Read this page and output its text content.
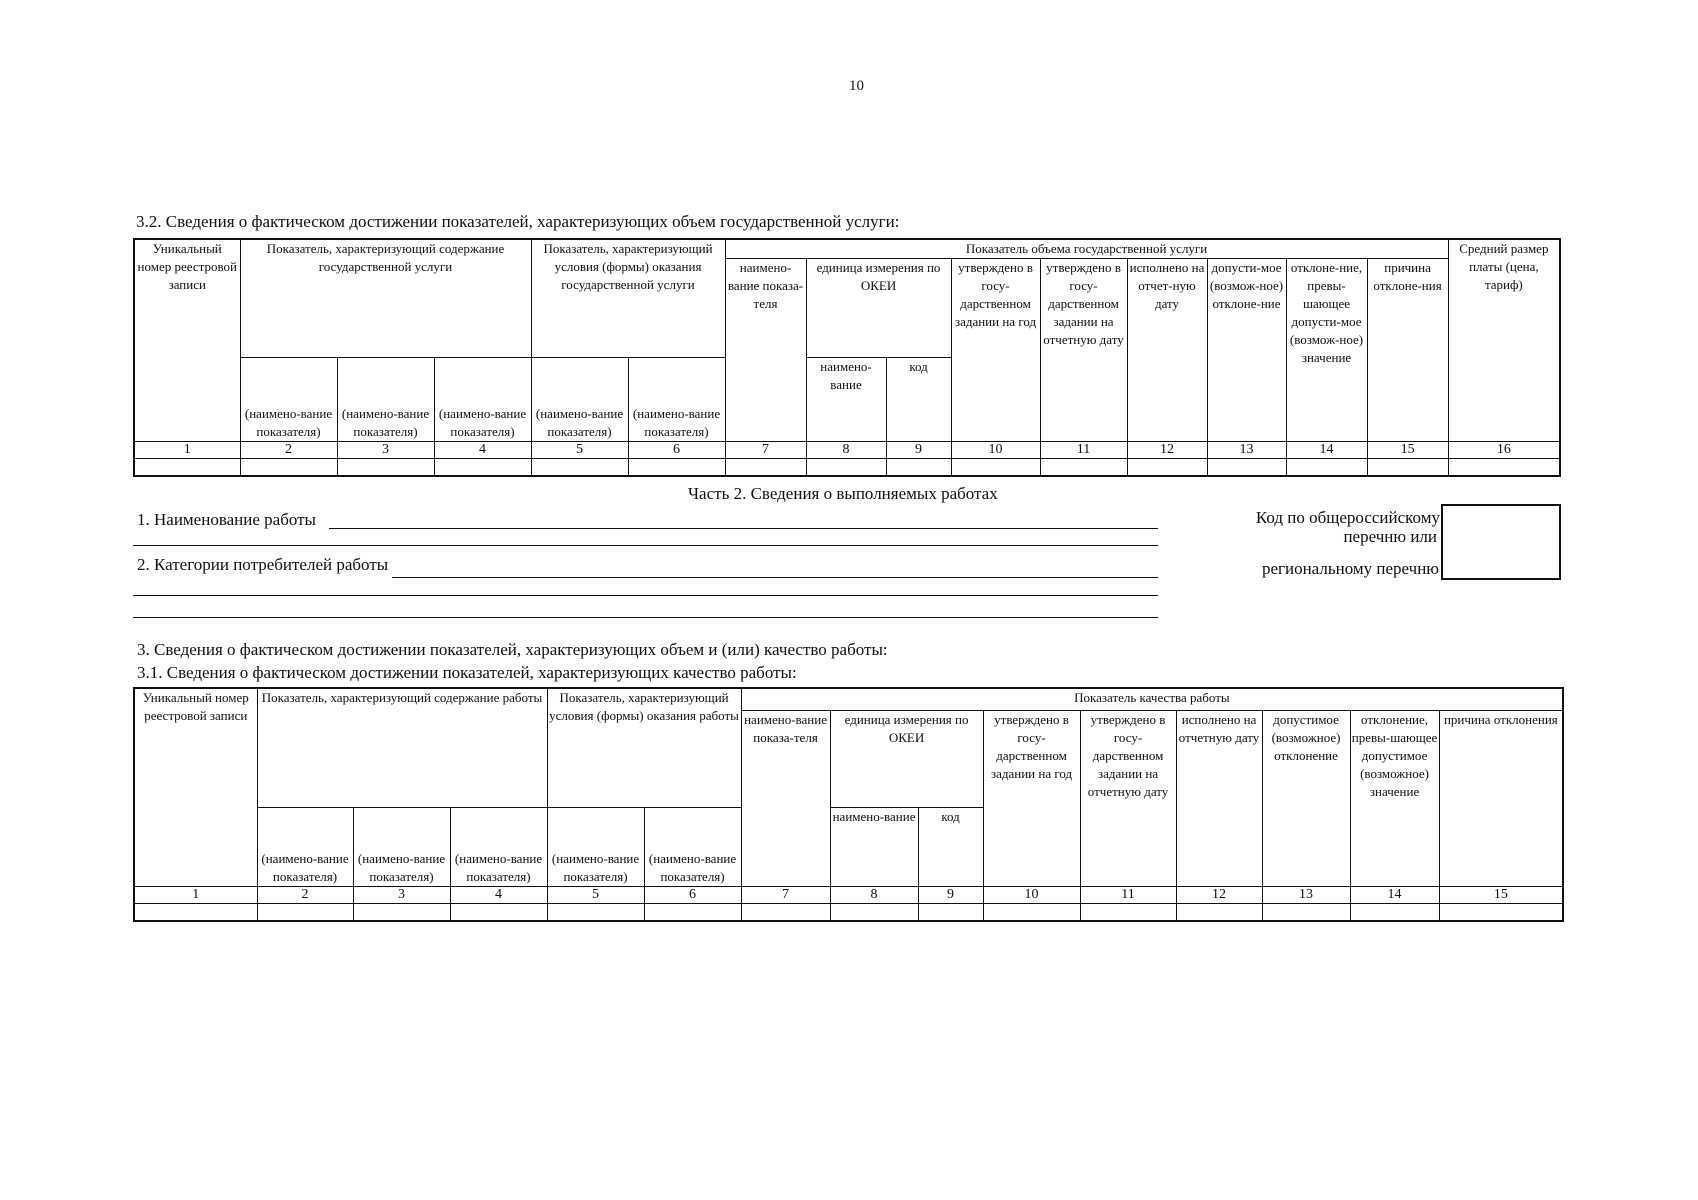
10
3.2. Сведения о фактическом достижении показателей, характеризующих объем государственной услуги:
Уникальный номер реестровой записи	Показатель, характеризующий содержание государственной услуги			Показатель, характеризующий условия (формы) оказания государственной услуги		Показатель объема государственной услуги									Средний размер платы (цена, тариф)
						наимено-вание показа-теля	единица измерения по ОКЕИ		утверждено в госу-дарственном задании на год	утверждено в госу-дарственном задании на отчетную дату	исполнено на отчет-ную дату	допусти-мое (возмож-ное) отклоне-ние	отклоне-ние, превы-шающее допусти-мое (возмож-ное) значение	причина отклоне-ния	
	(наимено-вание показателя)	(наимено-вание показателя)	(наимено-вание показателя)	(наимено-вание показателя)	(наимено-вание показателя)		наимено-вание	код							
1	2	3	4	5	6	7	8	9	10	11	12	13	14	15	16

Часть 2. Сведения о выполняемых работах
1. Наименование работы
2. Категории потребителей работы
Код по общероссийскому
перечню или
региональному перечню
3. Сведения о фактическом достижении показателей, характеризующих объем и (или) качество работы:
3.1. Сведения о фактическом достижении показателей, характеризующих качество работы:
Уникальный номер реестровой записи	Показатель, характеризующий содержание работы			Показатель, характеризующий условия (формы) оказания работы		Показатель качества работы								
						наимено-вание показа-теля	единица измерения по ОКЕИ		утверждено в госу-дарственном задании на год	утверждено в госу-дарственном задании на отчетную дату	исполнено на отчетную дату	допустимое (возможное) отклонение	отклонение, превы-шающее допустимое (возможное) значение	причина отклонения
	(наимено-вание показателя)	(наимено-вание показателя)	(наимено-вание показателя)	(наимено-вание показателя)	(наимено-вание показателя)		наимено-вание	код						
1	2	3	4	5	6	7	8	9	10	11	12	13	14	15
